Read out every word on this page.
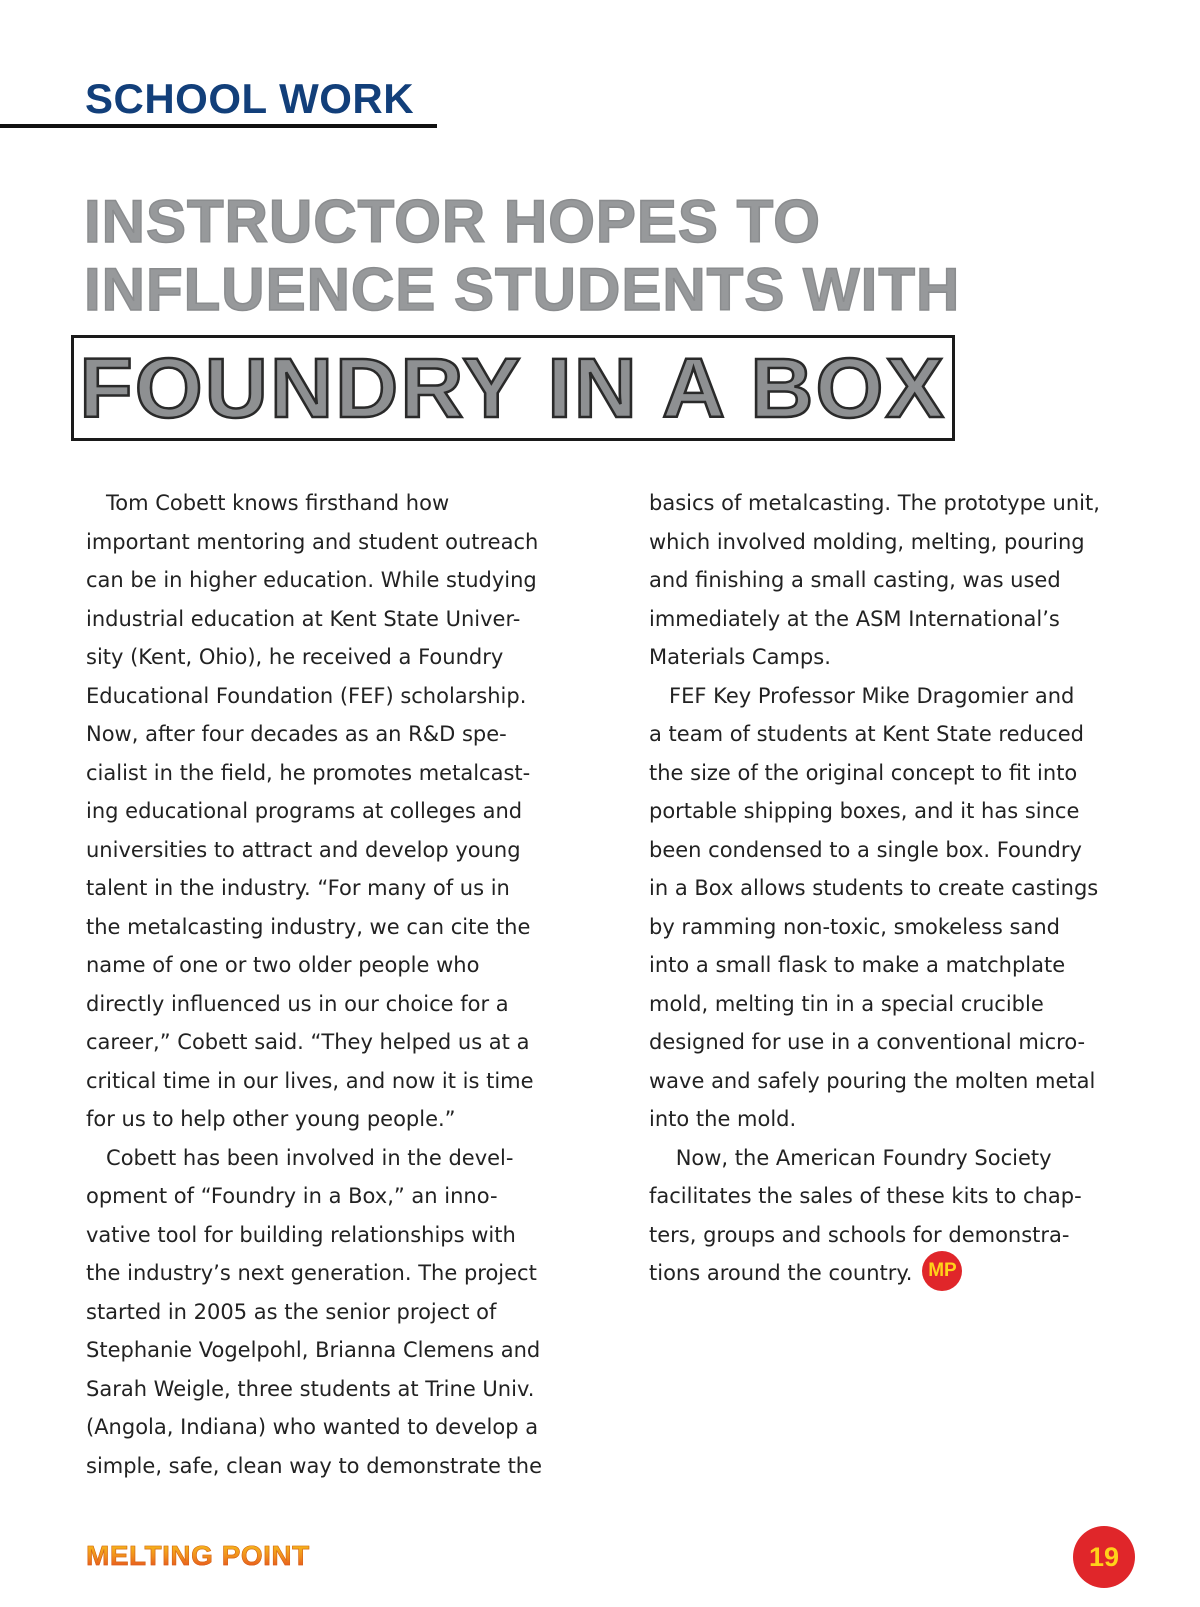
SCHOOL WORK
INSTRUCTOR HOPES TO
INFLUENCE STUDENTS WITH
FOUNDRY IN A BOX
Tom Cobett knows firsthand how
important mentoring and student outreach
can be in higher education. While studying
industrial education at Kent State Univer-
sity (Kent, Ohio), he received a Foundry
Educational Foundation (FEF) scholarship.
Now, after four decades as an R&D spe-
cialist in the field, he promotes metalcast-
ing educational programs at colleges and
universities to attract and develop young
talent in the industry. “For many of us in
the metalcasting industry, we can cite the
name of one or two older people who
directly influenced us in our choice for a
career,” Cobett said. “They helped us at a
critical time in our lives, and now it is time
for us to help other young people.”
Cobett has been involved in the devel-
opment of “Foundry in a Box,” an inno-
vative tool for building relationships with
the industry’s next generation. The project
started in 2005 as the senior project of
Stephanie Vogelpohl, Brianna Clemens and
Sarah Weigle, three students at Trine Univ.
(Angola, Indiana) who wanted to develop a
simple, safe, clean way to demonstrate the
basics of metalcasting. The prototype unit,
which involved molding, melting, pouring
and finishing a small casting, was used
immediately at the ASM International’s
Materials Camps.
FEF Key Professor Mike Dragomier and
a team of students at Kent State reduced
the size of the original concept to fit into
portable shipping boxes, and it has since
been condensed to a single box. Foundry
in a Box allows students to create castings
by ramming non-toxic, smokeless sand
into a small flask to make a matchplate
mold, melting tin in a special crucible
designed for use in a conventional micro-
wave and safely pouring the molten metal
into the mold.
Now, the American Foundry Society
facilitates the sales of these kits to chap-
ters, groups and schools for demonstra-
tions around the country. MP
MELTING POINT	19
